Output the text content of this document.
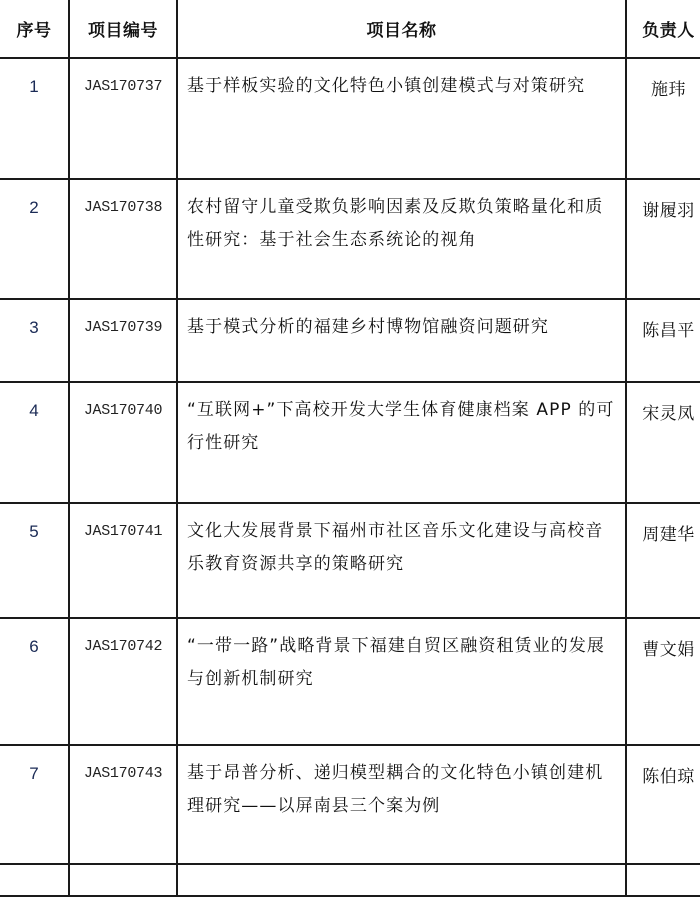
序号	项目编号	项目名称	负责人
1	JAS170737	基于样板实验的文化特色小镇创建模式与对策研究	施玮
2	JAS170738	农村留守儿童受欺负影响因素及反欺负策略量化和质性研究：基于社会生态系统论的视角	谢履羽
3	JAS170739	基于模式分析的福建乡村博物馆融资问题研究	陈昌平
4	JAS170740	“互联网+”下高校开发大学生体育健康档案 APP 的可行性研究	宋灵凤
5	JAS170741	文化大发展背景下福州市社区音乐文化建设与高校音乐教育资源共享的策略研究	周建华
6	JAS170742	“一带一路”战略背景下福建自贸区融资租赁业的发展与创新机制研究	曹文娟
7	JAS170743	基于昂普分析、递归模型耦合的文化特色小镇创建机理研究——以屏南县三个案为例	陈伯琼
